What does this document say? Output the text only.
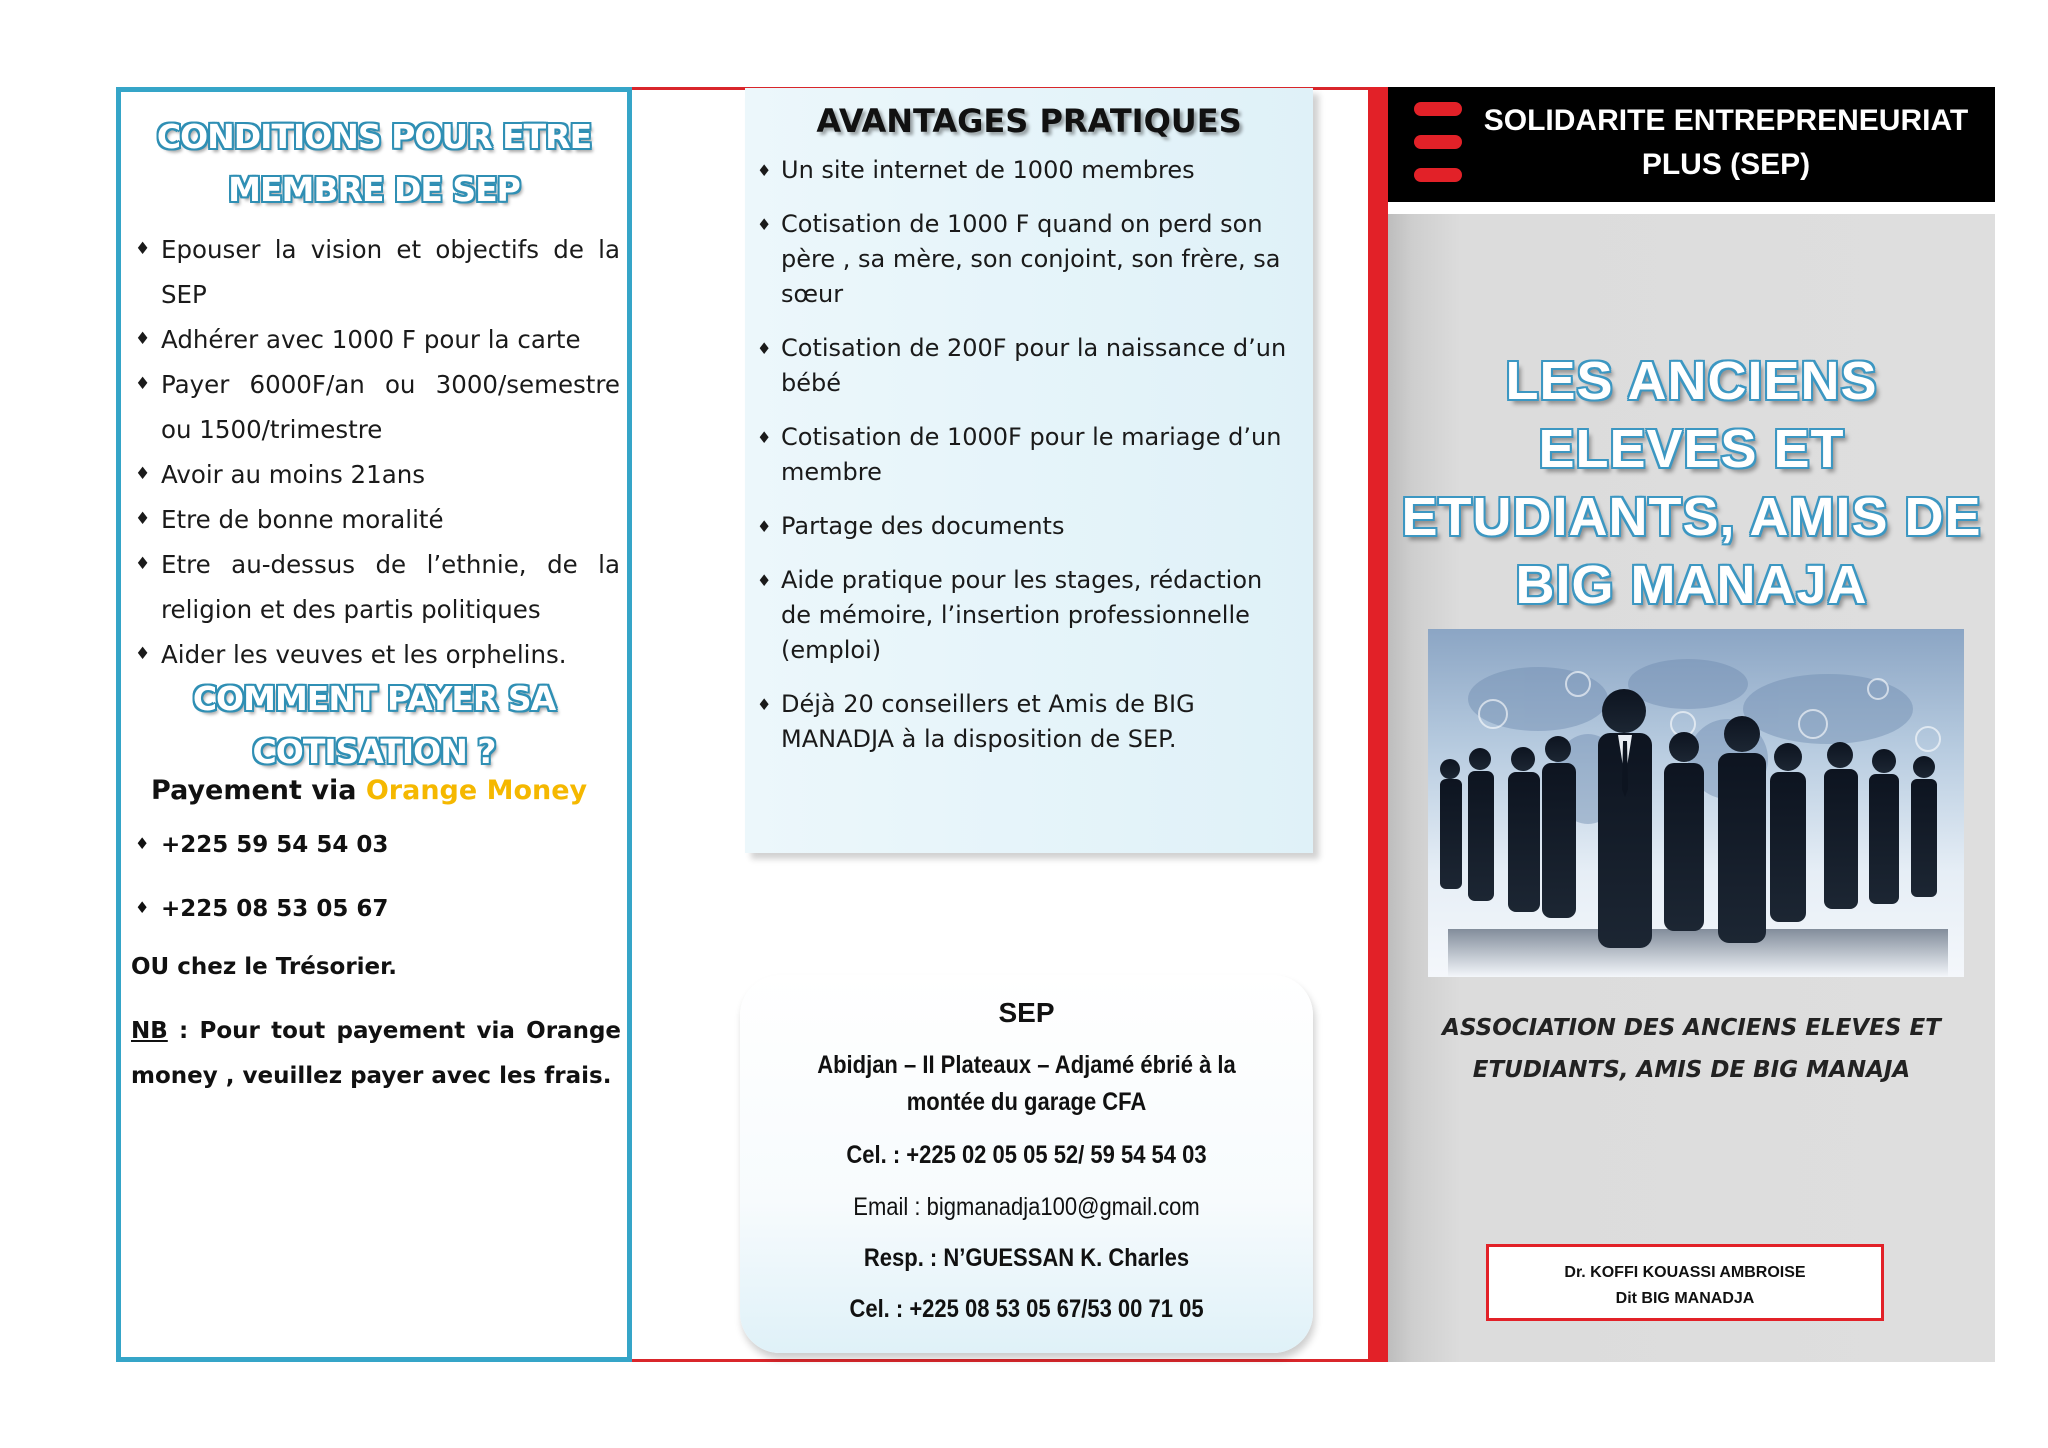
CONDITIONS POUR ETRE MEMBRE DE SEP
♦ Epouser la vision et objectifs de la SEP
♦ Adhérer avec 1000 F pour la carte
♦ Payer 6000F/an ou 3000/semestre ou 1500/trimestre
♦ Avoir au moins 21ans
♦ Etre de bonne moralité
♦ Etre au-dessus de l’ethnie, de la religion et des partis politiques
♦ Aider les veuves et les orphelins.
COMMENT PAYER SA COTISATION ?
Payement via Orange Money
♦ +225 59 54 54 03
♦ +225 08 53 05 67
OU chez le Trésorier.
NB : Pour tout payement via Orange money , veuillez payer avec les frais.
AVANTAGES PRATIQUES
♦ Un site internet de 1000 membres
♦ Cotisation de 1000 F quand on perd son père , sa mère, son conjoint, son frère, sa sœur
♦ Cotisation de 200F pour la naissance d’un bébé
♦ Cotisation de 1000F pour le mariage d’un membre
♦ Partage des documents
♦ Aide pratique pour les stages, rédaction de mémoire, l’insertion professionnelle (emploi)
♦ Déjà 20 conseillers et Amis de BIG MANADJA à la disposition de SEP.
SEP
Abidjan – II Plateaux – Adjamé ébrié à la montée du garage CFA
Cel. : +225 02 05 05 52/ 59 54 54 03
Email : bigmanadja100@gmail.com
Resp. : N’GUESSAN K. Charles
Cel. : +225 08 53 05 67/53 00 71 05
SOLIDARITE ENTREPRENEURIAT
PLUS (SEP)
LES ANCIENS ELEVES ET ETUDIANTS, AMIS DE BIG MANAJA
ASSOCIATION DES ANCIENS ELEVES ET ETUDIANTS, AMIS DE BIG MANAJA
Dr. KOFFI KOUASSI AMBROISE
Dit BIG MANADJA
